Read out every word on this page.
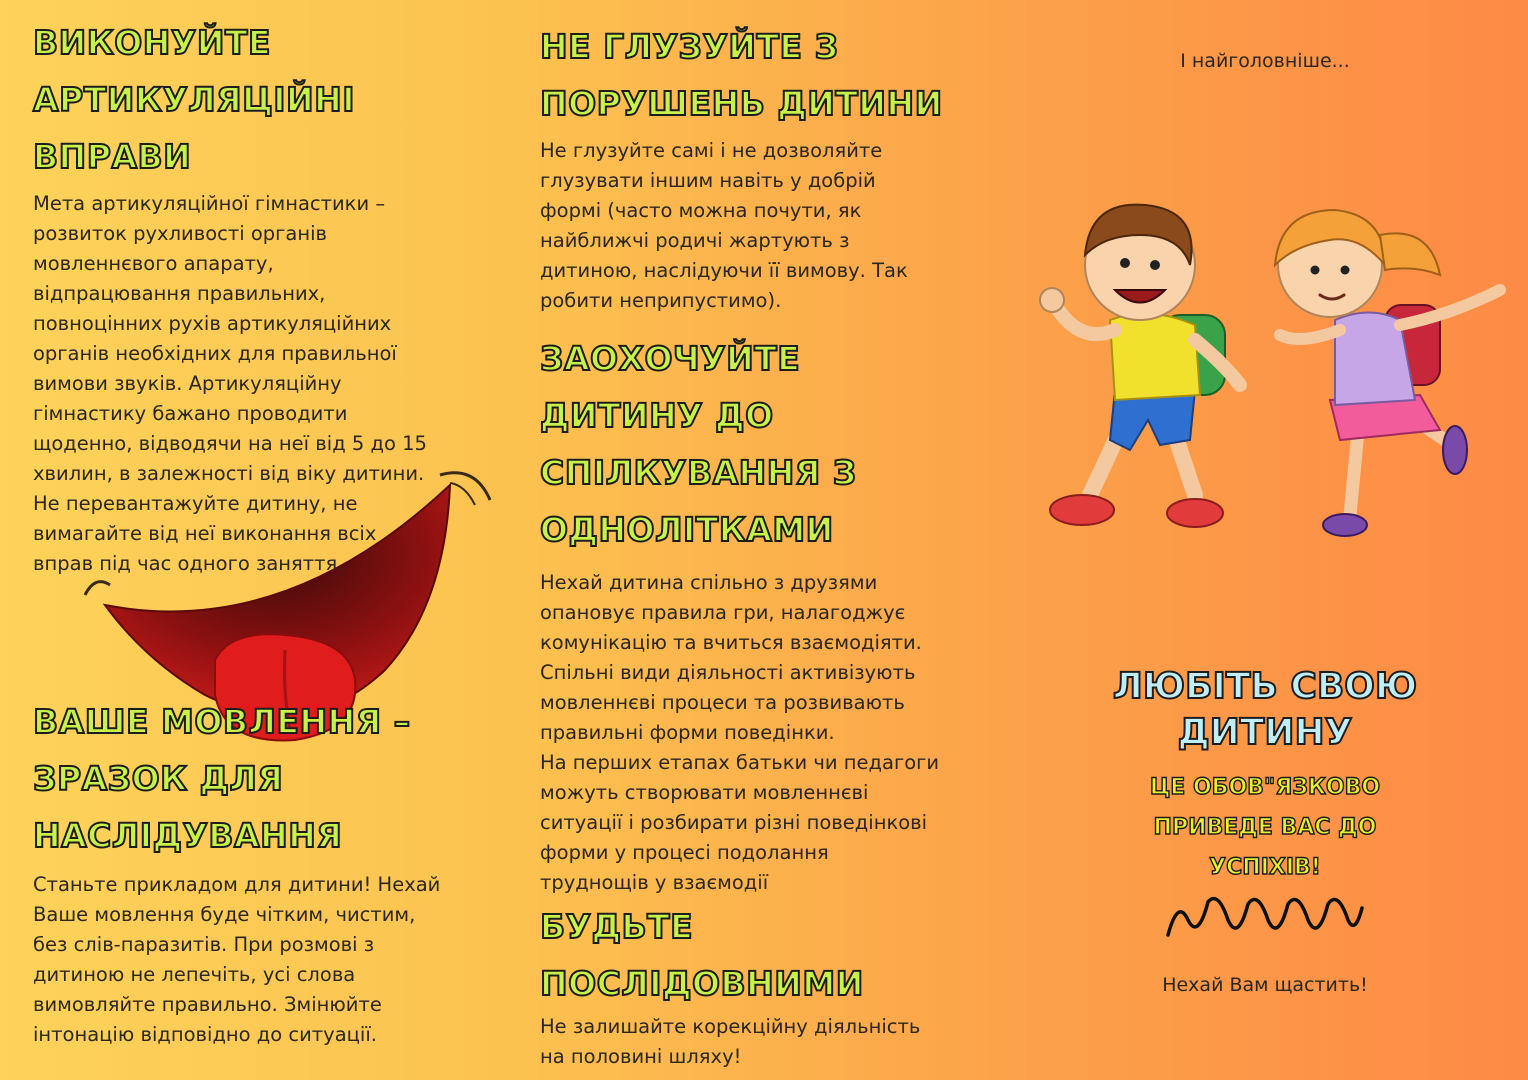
ВИКОНУЙТЕ
АРТИКУЛЯЦІЙНІ
ВПРАВИ

Мета артикуляційної гімнастики –
розвиток рухливості органів
мовленнєвого апарату,
відпрацювання правильних,
повноцінних рухів артикуляційних
органів необхідних для правильної
вимови звуків. Артикуляційну
гімнастику бажано проводити
щоденно, відводячи на неї від 5 до 15
хвилин, в залежності від віку дитини.
Не перевантажуйте дитину, не
вимагайте від неї виконання всіх
вправ під час одного заняття.

ВАШЕ МОВЛЕННЯ –
ЗРАЗОК ДЛЯ
НАСЛІДУВАННЯ

Станьте прикладом для дитини! Нехай
Ваше мовлення буде чітким, чистим,
без слів-паразитів. При розмові з
дитиною не лепечіть, усі слова
вимовляйте правильно. Змінюйте
інтонацію відповідно до ситуації.

НЕ ГЛУЗУЙТЕ З
ПОРУШЕНЬ ДИТИНИ

Не глузуйте самі і не дозволяйте
глузувати іншим навіть у добрій
формі (часто можна почути, як
найближчі родичі жартують з
дитиною, наслідуючи її вимову. Так
робити неприпустимо).

ЗАОХОЧУЙТЕ
ДИТИНУ ДО
СПІЛКУВАННЯ З
ОДНОЛІТКАМИ

Нехай дитина спільно з друзями
опановує правила гри, налагоджує
комунікацію та вчиться взаємодіяти.
Спільні види діяльності активізують
мовленнєві процеси та розвивають
правильні форми поведінки.
На перших етапах батьки чи педагоги
можуть створювати мовленнєві
ситуації і розбирати різні поведінкові
форми у процесі подолання
труднощів у взаємодії

БУДЬТЕ
ПОСЛІДОВНИМИ

Не залишайте корекційну діяльність
на половині шляху!

І найголовніше...

ЛЮБІТЬ СВОЮ
ДИТИНУ

ЦЕ ОБОВ"ЯЗКОВО
ПРИВЕДЕ ВАС ДО
УСПІХІВ!

Нехай Вам щастить!
